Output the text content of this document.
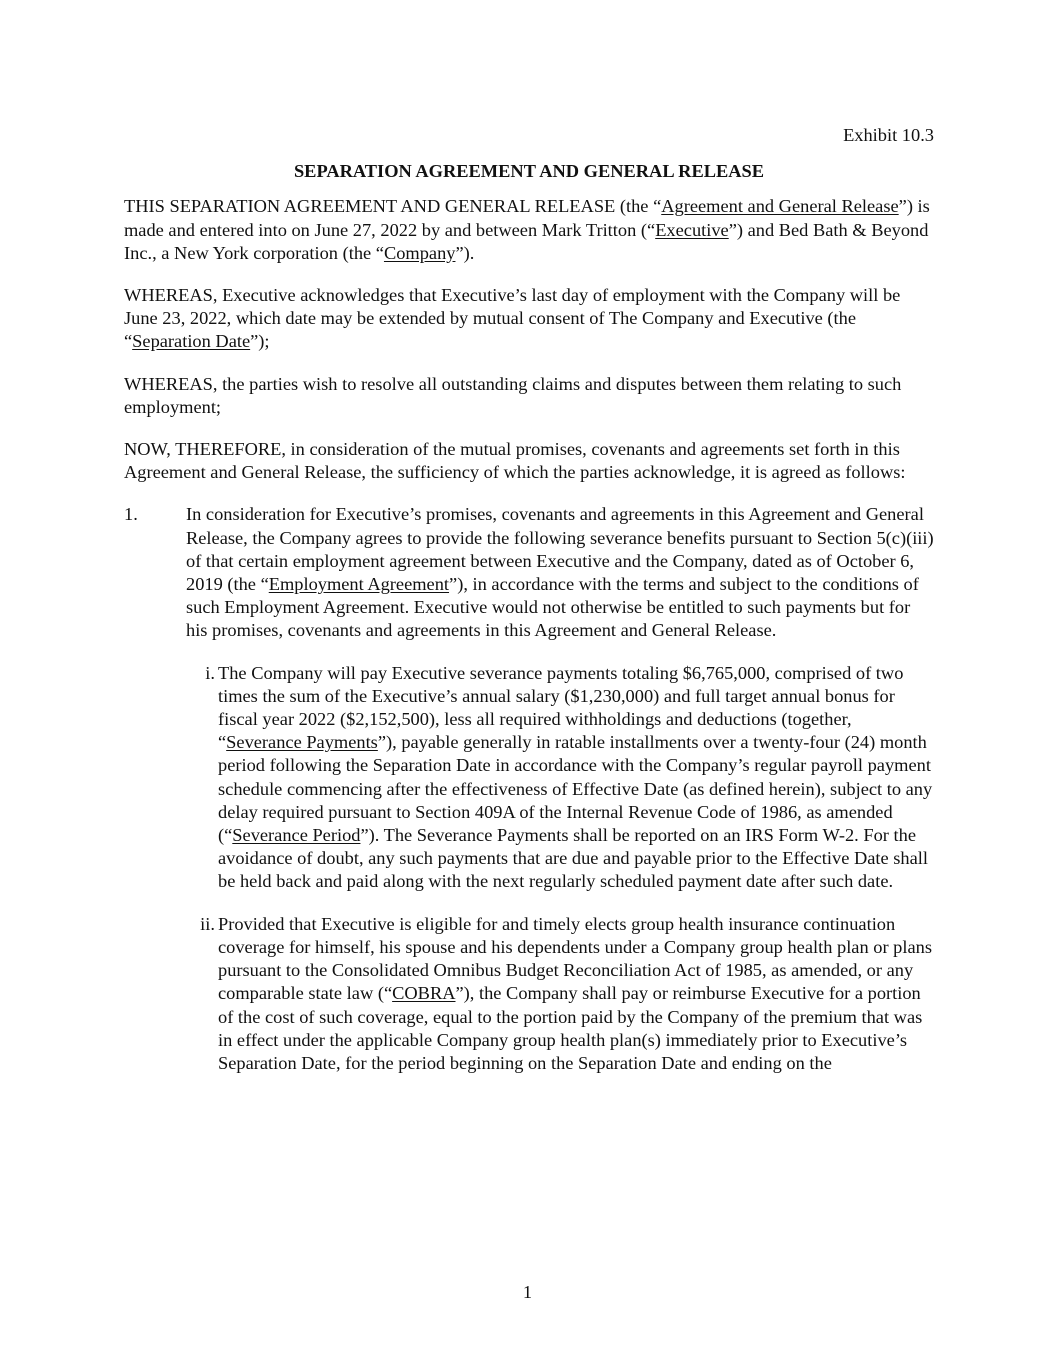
Exhibit 10.3
SEPARATION AGREEMENT AND GENERAL RELEASE

THIS SEPARATION AGREEMENT AND GENERAL RELEASE (the “Agreement and General Release”) is made and entered into on June 27, 2022 by and between Mark Tritton (“Executive”) and Bed Bath & Beyond Inc., a New York corporation (the “Company”).

WHEREAS, Executive acknowledges that Executive’s last day of employment with the Company will be June 23, 2022, which date may be extended by mutual consent of The Company and Executive (the “Separation Date”);

WHEREAS, the parties wish to resolve all outstanding claims and disputes between them relating to such employment;

NOW, THEREFORE, in consideration of the mutual promises, covenants and agreements set forth in this Agreement and General Release, the sufficiency of which the parties acknowledge, it is agreed as follows:

1.	In consideration for Executive’s promises, covenants and agreements in this Agreement and General Release, the Company agrees to provide the following severance benefits pursuant to Section 5(c)(iii) of that certain employment agreement between Executive and the Company, dated as of October 6, 2019 (the “Employment Agreement”), in accordance with the terms and subject to the conditions of such Employment Agreement. Executive would not otherwise be entitled to such payments but for his promises, covenants and agreements in this Agreement and General Release.
i. The Company will pay Executive severance payments totaling $6,765,000, comprised of two times the sum of the Executive’s annual salary ($1,230,000) and full target annual bonus for fiscal year 2022 ($2,152,500), less all required withholdings and deductions (together, “Severance Payments”), payable generally in ratable installments over a twenty-four (24) month period following the Separation Date in accordance with the Company’s regular payroll payment schedule commencing after the effectiveness of Effective Date (as defined herein), subject to any delay required pursuant to Section 409A of the Internal Revenue Code of 1986, as amended (“Severance Period”). The Severance Payments shall be reported on an IRS Form W-2. For the avoidance of doubt, any such payments that are due and payable prior to the Effective Date shall be held back and paid along with the next regularly scheduled payment date after such date.
ii. Provided that Executive is eligible for and timely elects group health insurance continuation coverage for himself, his spouse and his dependents under a Company group health plan or plans pursuant to the Consolidated Omnibus Budget Reconciliation Act of 1985, as amended, or any comparable state law (“COBRA”), the Company shall pay or reimburse Executive for a portion of the cost of such coverage, equal to the portion paid by the Company of the premium that was in effect under the applicable Company group health plan(s) immediately prior to Executive’s Separation Date, for the period beginning on the Separation Date and ending on the
1
